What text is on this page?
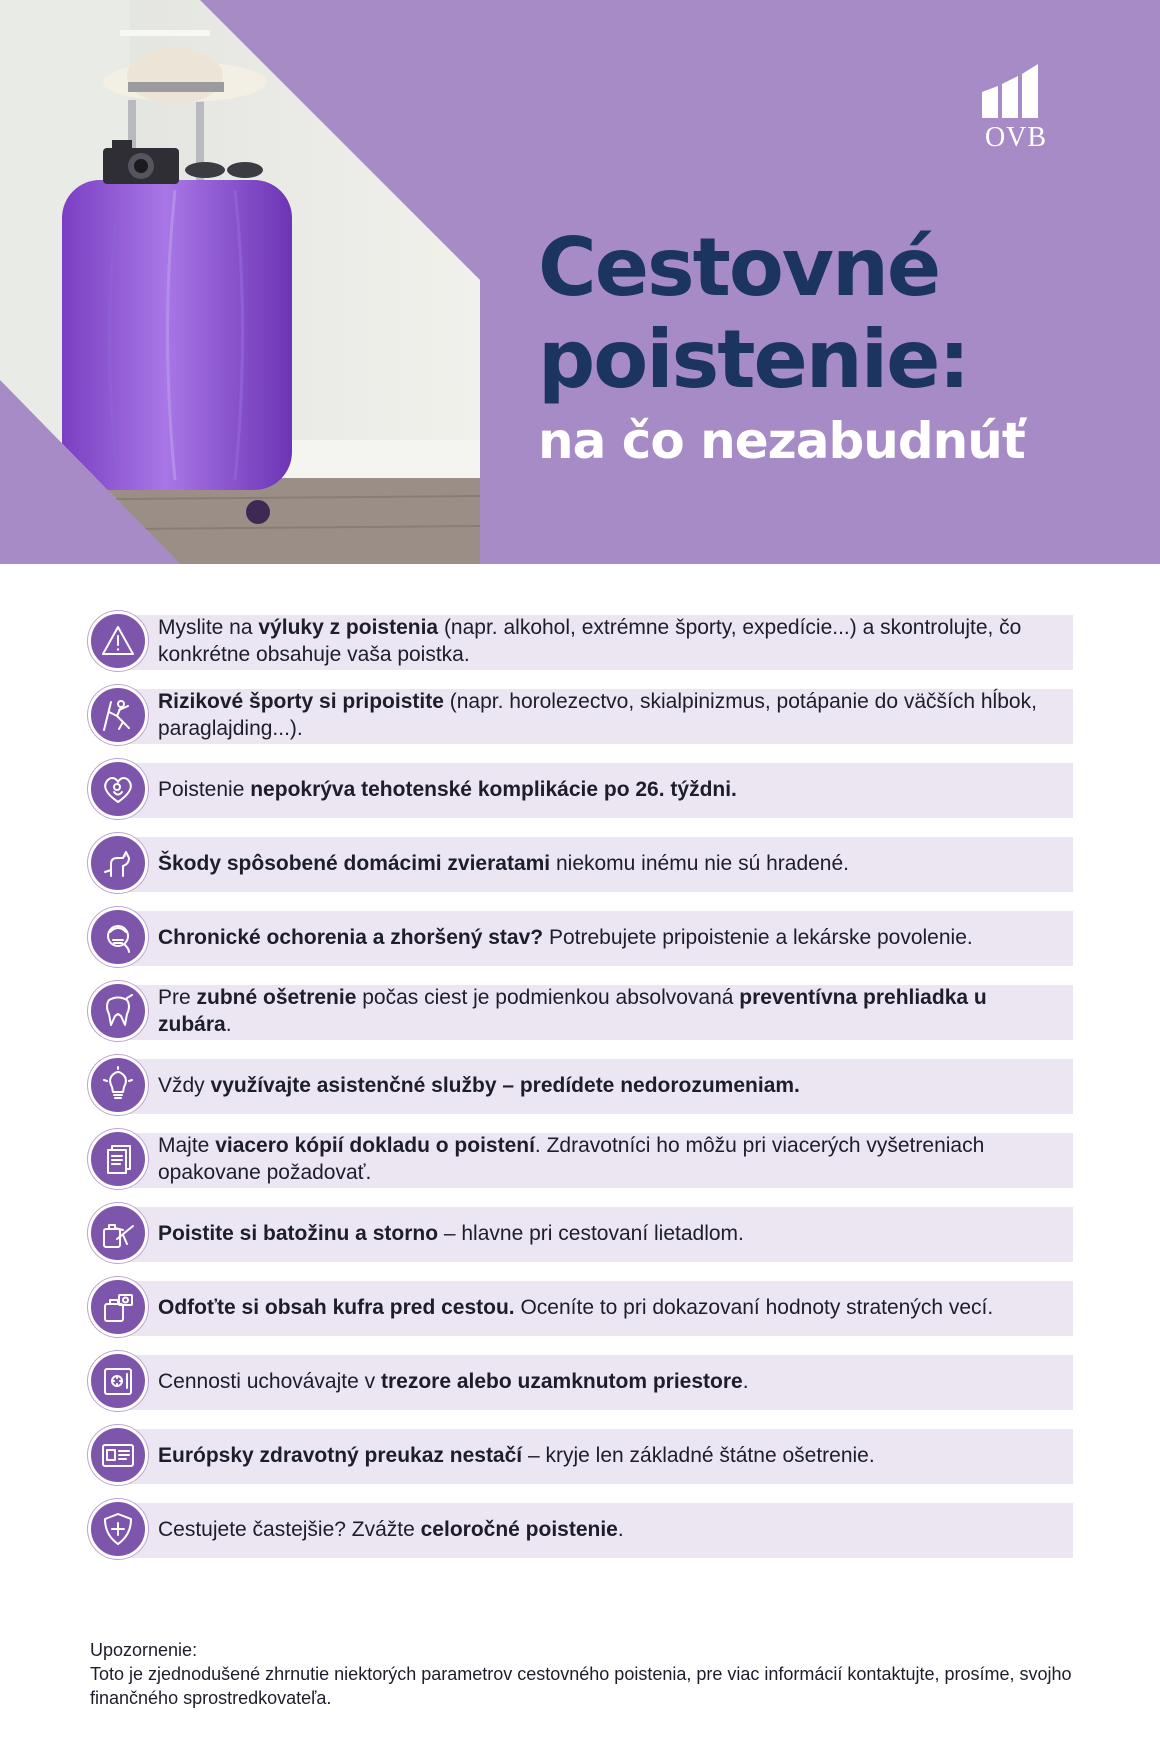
OVB
Cestovné
poistenie:
na čo nezabudnúť
Myslite na výluky z poistenia (napr. alkohol, extrémne športy, expedície...) a skontrolujte, čo konkrétne obsahuje vaša poistka.
Rizikové športy si pripoistite (napr. horolezectvo, skialpinizmus, potápanie do väčších hĺbok, paraglajding...).
Poistenie nepokrýva tehotenské komplikácie po 26. týždni.
Škody spôsobené domácimi zvieratami niekomu inému nie sú hradené.
Chronické ochorenia a zhoršený stav? Potrebujete pripoistenie a lekárske povolenie.
Pre zubné ošetrenie počas ciest je podmienkou absolvovaná preventívna prehliadka u zubára.
Vždy využívajte asistenčné služby – predídete nedorozumeniam.
Majte viacero kópií dokladu o poistení. Zdravotníci ho môžu pri viacerých vyšetreniach opakovane požadovať.
Poistite si batožinu a storno – hlavne pri cestovaní lietadlom.
Odfoťte si obsah kufra pred cestou. Oceníte to pri dokazovaní hodnoty stratených vecí.
Cennosti uchovávajte v trezore alebo uzamknutom priestore.
Európsky zdravotný preukaz nestačí – kryje len základné štátne ošetrenie.
Cestujete častejšie? Zvážte celoročné poistenie.
Upozornenie:
Toto je zjednodušené zhrnutie niektorých parametrov cestovného poistenia, pre viac informácií kontaktujte, prosíme, svojho finančného sprostredkovateľa.
